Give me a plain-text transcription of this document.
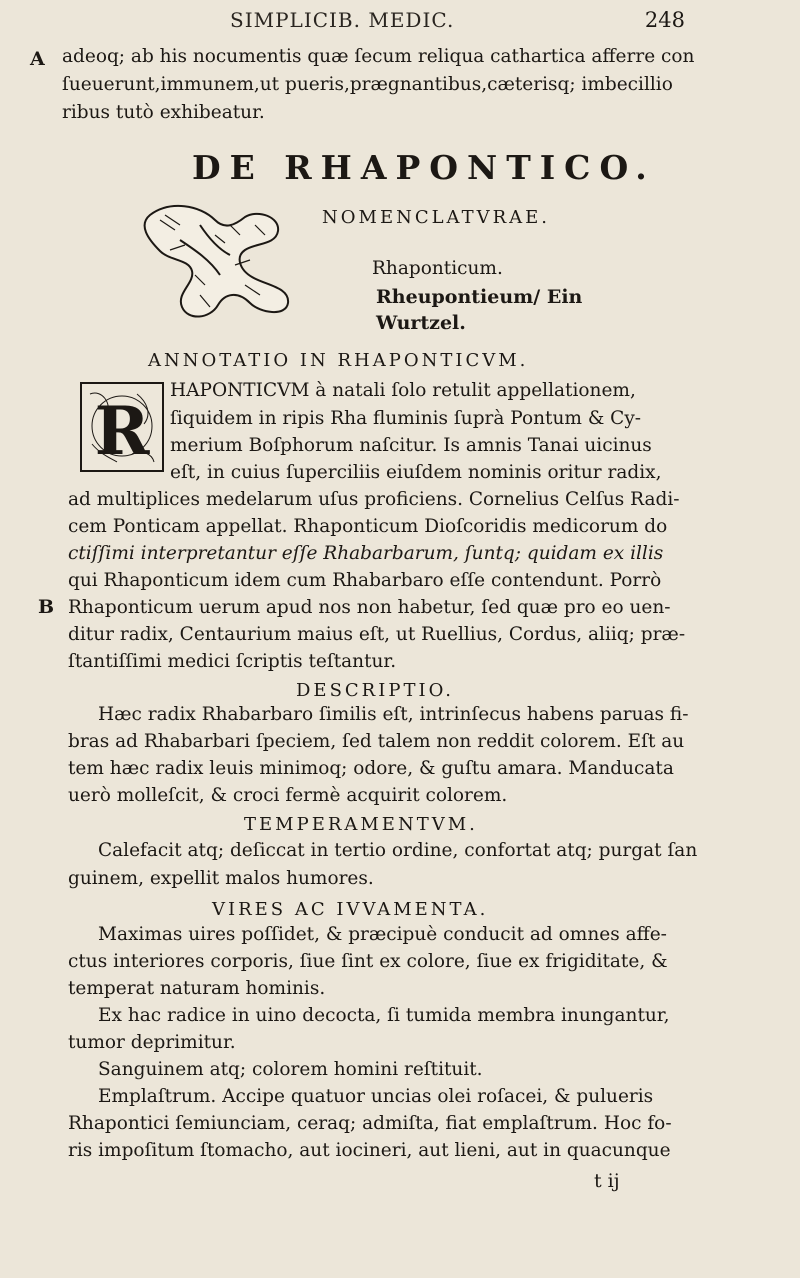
SIMPLICIB. MEDIC.	248
A
B
adeoq; ab his nocumentis quæ ſecum reliqua cathartica afferre con
ſueuerunt,immunem,ut pueris,prægnantibus,cæterisq; imbecillio
ribus tutò exhibeatur.
DE RHAPONTICO.
NOMENCLATVRAE.
Rhaponticum.
Rheupontieum/ Ein
Wurtzel.
ANNOTATIO IN RHAPONTICVM.
R
HAPONTICVM à natali ſolo retulit appellationem,
ſiquidem in ripis Rha fluminis ſuprà Pontum & Cy-
merium Boſphorum naſcitur. Is amnis Tanai uicinus
eſt, in cuius ſuperciliis eiuſdem nominis oritur radix,
ad multiplices medelarum uſus proficiens. Cornelius Celſus Radi-
cem Ponticam appellat. Rhaponticum Dioſcoridis medicorum do
ctiſſimi interpretantur eſſe Rhabarbarum, ſuntq; quidam ex illis
qui Rhaponticum idem cum Rhabarbaro eſſe contendunt. Porrò
Rhaponticum uerum apud nos non habetur, ſed quæ pro eo uen-
ditur radix, Centaurium maius eſt, ut Ruellius, Cordus, aliiq; præ-
ſtantiſſimi medici ſcriptis teſtantur.
DESCRIPTIO.
Hæc radix Rhabarbaro ſimilis eſt, intrinſecus habens paruas fi-
bras ad Rhabarbari ſpeciem, ſed talem non reddit colorem. Eſt au
tem hæc radix leuis minimoq; odore, & guſtu amara. Manducata
uerò molleſcit, & croci fermè acquirit colorem.
TEMPERAMENTVM.
Calefacit atq; deſiccat in tertio ordine, confortat atq; purgat ſan
guinem, expellit malos humores.
VIRES AC IVVAMENTA.
Maximas uires poſſidet, & præcipuè conducit ad omnes affe-
ctus interiores corporis, ſiue ſint ex colore, ſiue ex frigiditate, &
temperat naturam hominis.
Ex hac radice in uino decocta, ſi tumida membra inungantur,
tumor deprimitur.
Sanguinem atq; colorem homini reſtituit.
Emplaſtrum. Accipe quatuor uncias olei roſacei, & pulueris
Rhapontici ſemiunciam, ceraq; admiſta, fiat emplaſtrum. Hoc fo-
ris impoſitum ſtomacho, aut iocineri, aut lieni, aut in quacunque
t ij
